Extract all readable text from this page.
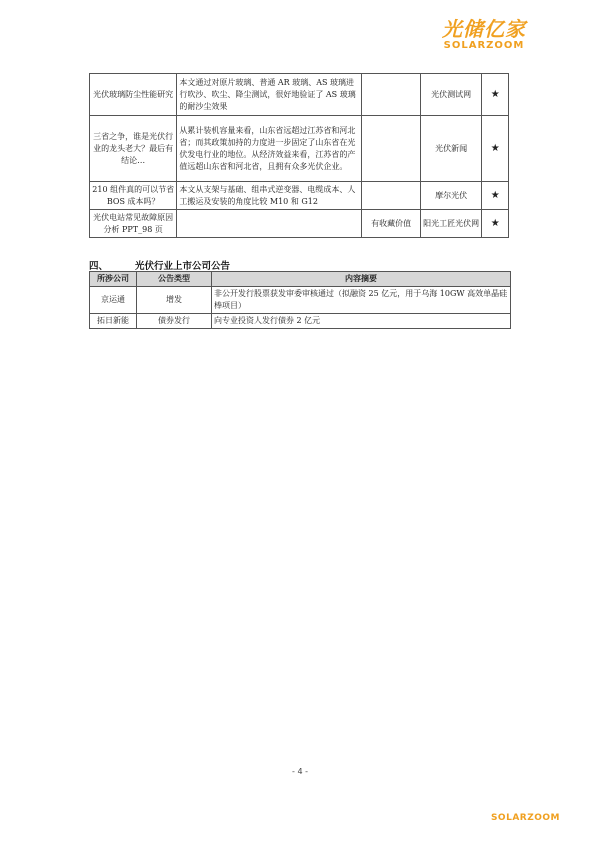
光储亿家
SOLARZOOM
光伏玻璃防尘性能研究	本文通过对原片玻璃、普通 AR 玻璃、AS 玻璃进行吹沙、吹尘、降尘测试，很好地验证了 AS 玻璃的耐沙尘效果		光伏测试网	★
三省之争，谁是光伏行业的龙头老大？最后有结论…	从累计装机容量来看，山东省远超过江苏省和河北省；而其政策加持的力度进一步固定了山东省在光伏发电行业的地位。从经济效益来看，江苏省的产值远超山东省和河北省，且拥有众多光伏企业。		光伏新闻	★
210 组件真的可以节省 BOS 成本吗？	本文从支架与基础、组串式逆变器、电缆成本、人工搬运及安装的角度比较 M10 和 G12		摩尔光伏	★
光伏电站常见故障原因分析 PPT_98 页		有收藏价值	阳光工匠光伏网	★
四、	光伏行业上市公司公告
所涉公司	公告类型	内容摘要
京运通	增发	非公开发行股票获发审委审核通过（拟融资 25 亿元，用于乌海 10GW 高效单晶硅棒项目）
拓日新能	债券发行	向专业投资人发行债券 2 亿元
- 4 -
SOLARZOOM
